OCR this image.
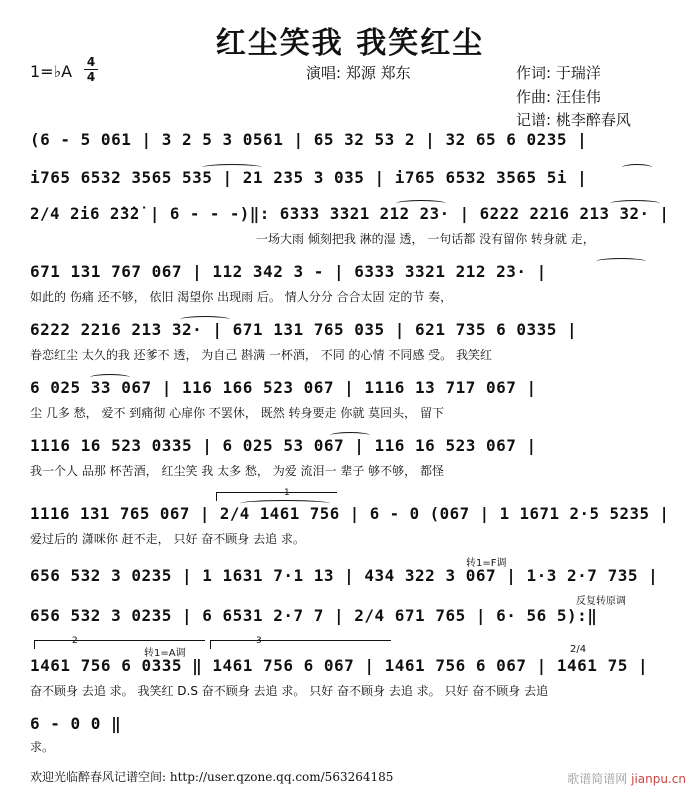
红尘笑我 我笑红尘
1=♭A 4
4	演唱: 郑源 郑东	作词: 于瑞洋
作曲: 汪佳伟
记谱: 桃李醉春风
(6 - 5 061 | 3 2 5 3 0561 | 65 32 53 2 | 32 65 6 0235 |
i765 6532 3565 535 | 21 235 3 035 | i765 6532 3565 5i |
2/4 2i6 2̇3̇2̇ | 6 - - -)‖: 6333 3321 212 23· | 6222 2216 213 32· |
一场大雨 倾刻把我 淋的湿 透， 一句话都 没有留你 转身就 走，
671 131 767 067 | 112 342 3 - | 6333 3321 212 23· |
如此的 伤痛 还不够， 依旧 渴望你 出现雨 后。 情人分分 合合太固 定的节 奏，
6222 2216 213 32· | 671 131 765 035 | 621 735 6 0335 |
眷恋红尘 太久的我 还爹不 透， 为自己 斟满 一杯酒， 不同 的心情 不同感 受。 我笑红
6 025 33 067 | 116 166 523 067 | 1116 13 717 067 |
尘 几多 愁， 爱不 到痛彻 心扉你 不罢休， 既然 转身要走 你就 莫回头， 留下
1116 16 523 0335 | 6 025 53 067 | 116 16 523 067 |
我一个人 品那 杯苦酒， 红尘笑 我 太多 愁， 为爱 流泪一 辈子 够不够， 都怪
1
1116 131 765 067 | 2/4 1461 756 | 6 - 0 (067 | 1 1671 2·5 5235 |
爱过后的 潇咪你 赶不走， 只好 奋不顾身 去追 求。
转1=F调
656 532 3 0235 | 1 1631 7·1 13 | 434 322 3 067 | 1·3 2·7 735 |
反复转原调
656 532 3 0235 | 6 6531 2·7 7 | 2/4 671 765 | 6· 56 5):‖
2	3
转1=A调	2/4
1461 756 6 0335 ‖ 1461 756 6 067 | 1461 756 6 067 | 1461 75 |
奋不顾身 去追 求。 我笑红 D.S 奋不顾身 去追 求。 只好 奋不顾身 去追 求。 只好 奋不顾身 去追
6 - 0 0 ‖
求。
欢迎光临醉春风记谱空间: http://user.qzone.qq.com/563264185	歌谱简谱网 jianpu.cn
